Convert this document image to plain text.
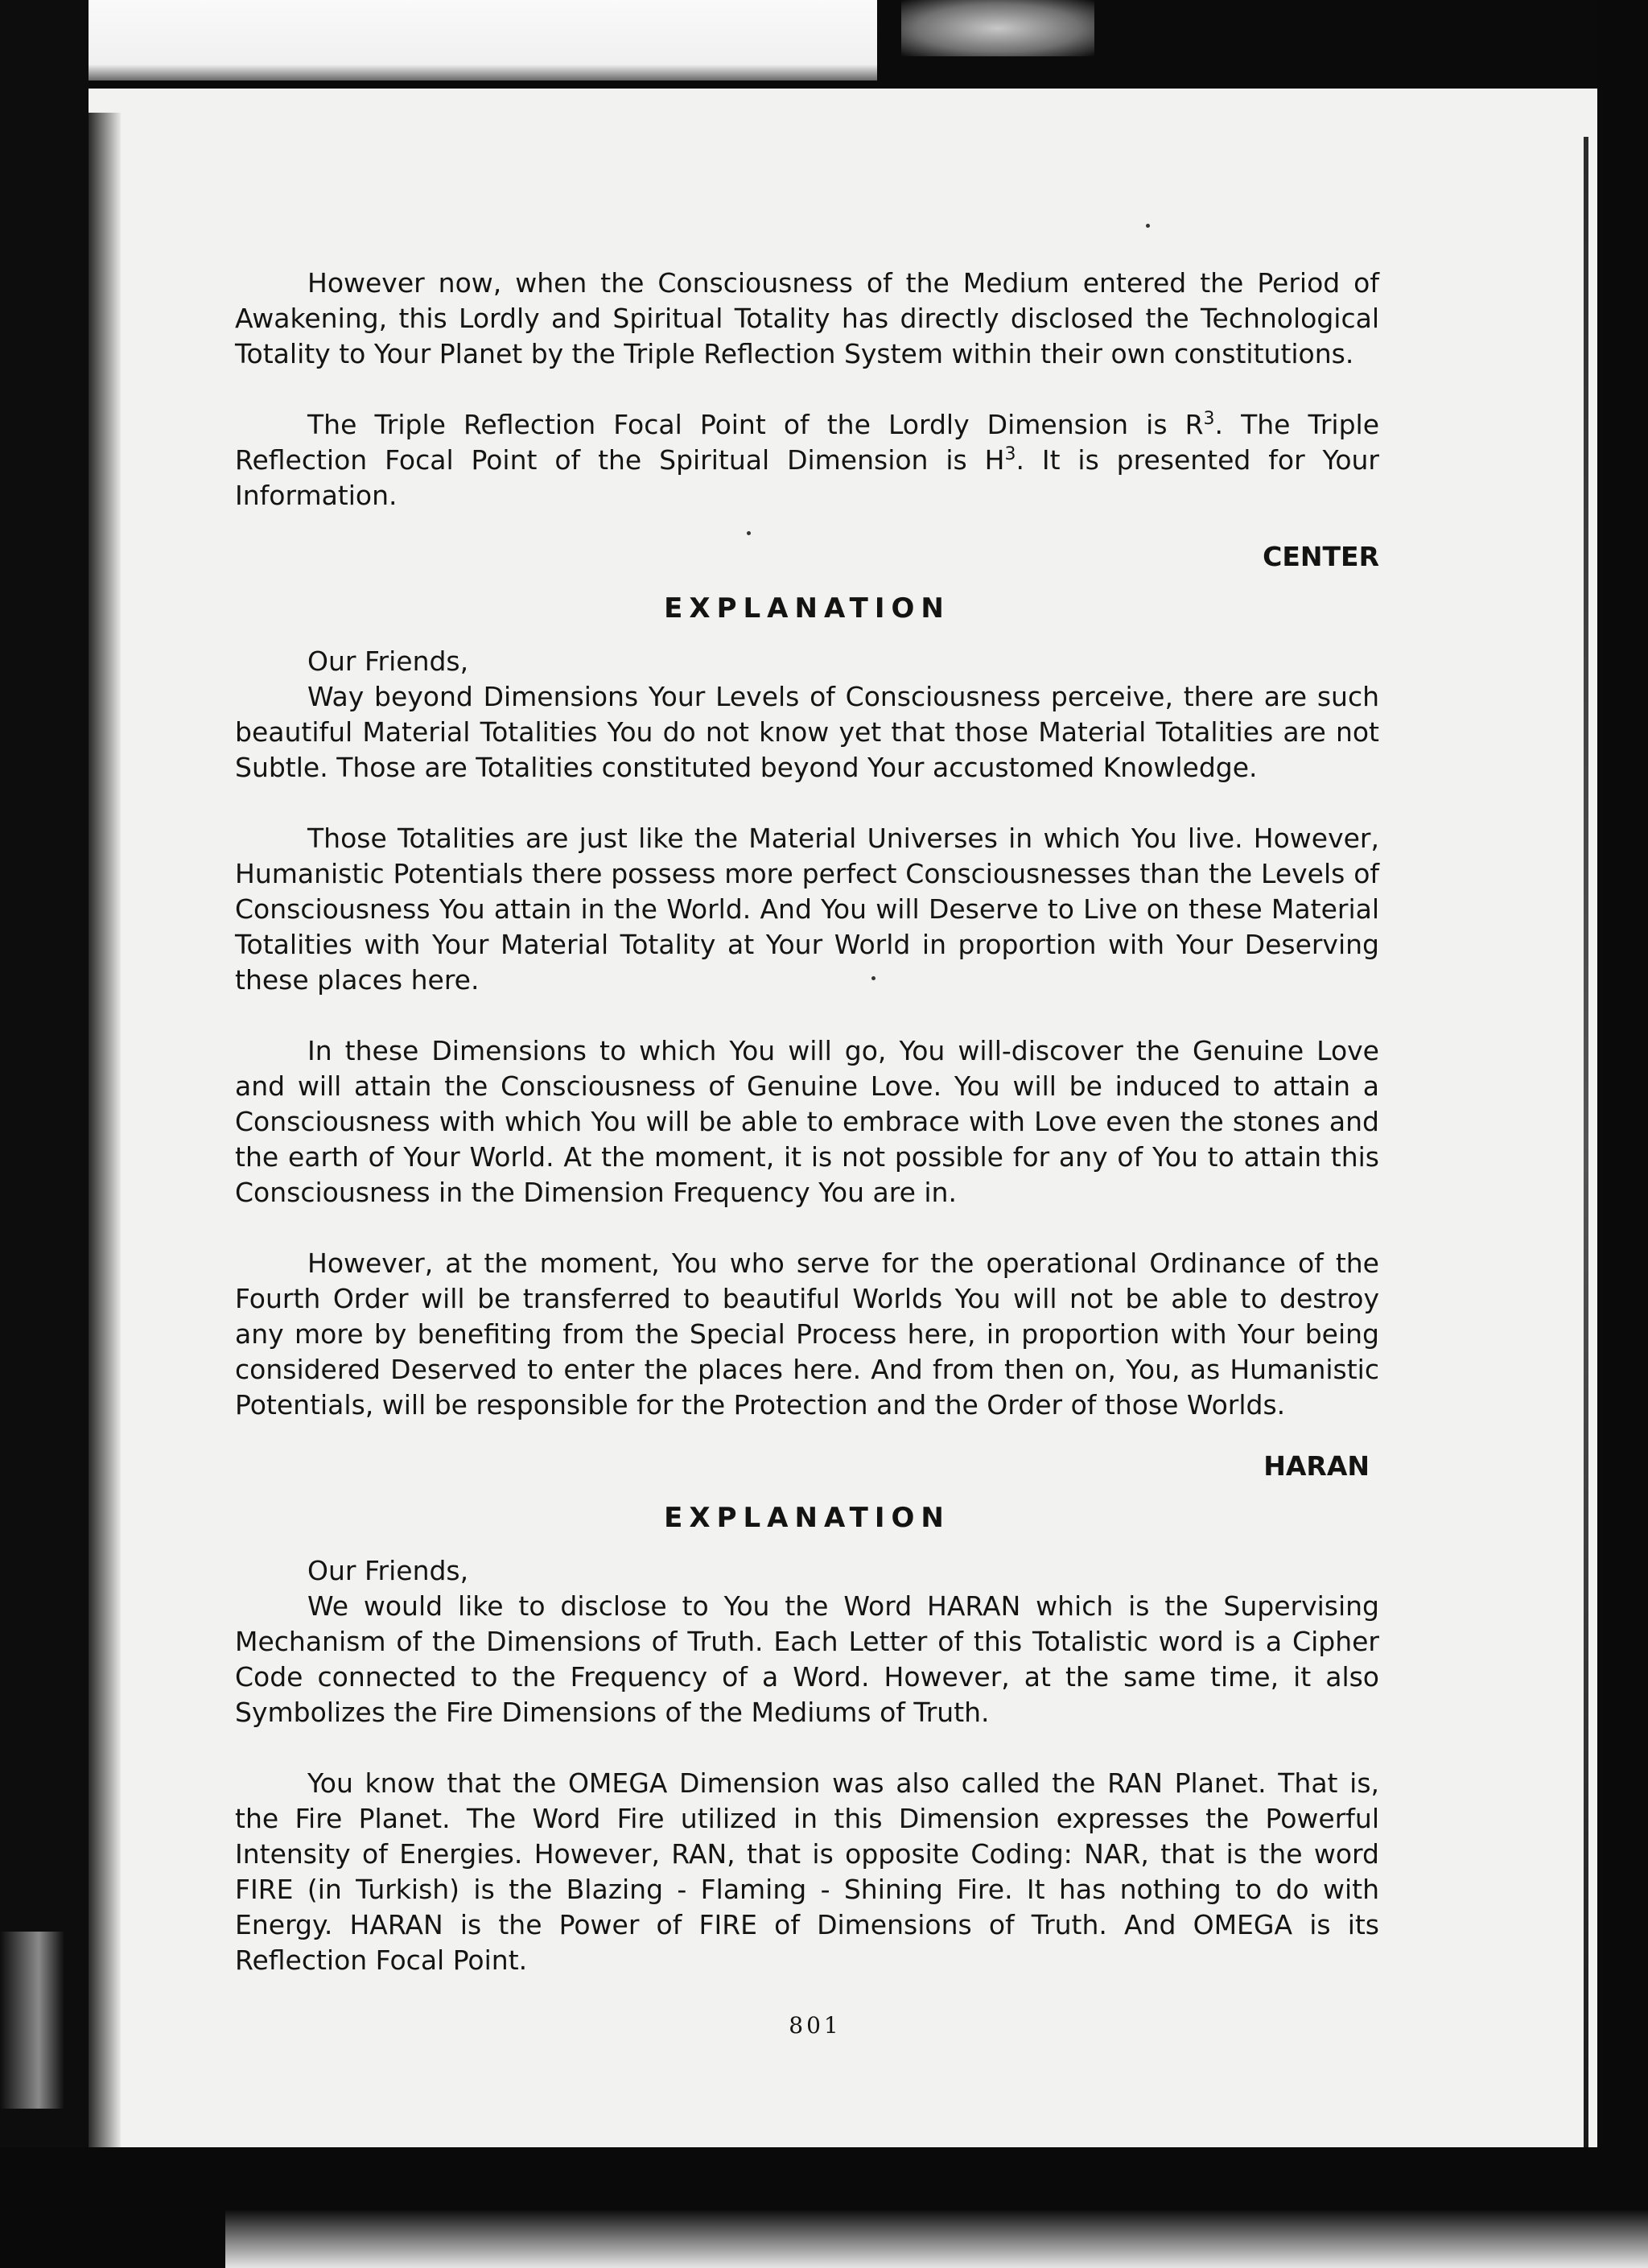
However now, when the Consciousness of the Medium entered the Period of Awakening, this Lordly and Spiritual Totality has directly disclosed the Technological Totality to Your Planet by the Triple Reflection System within their own constitutions.

The Triple Reflection Focal Point of the Lordly Dimension is $R^3$. The Triple Reflection Focal Point of the Spiritual Dimension is $H^3$. It is presented for Your Information.

CENTER

EXPLANATION

Our Friends,

Way beyond Dimensions Your Levels of Consciousness perceive, there are such beautiful Material Totalities You do not know yet that those Material Totalities are not Subtle. Those are Totalities constituted beyond Your accustomed Knowledge.

Those Totalities are just like the Material Universes in which You live. However, Humanistic Potentials there possess more perfect Consciousnesses than the Levels of Consciousness You attain in the World. And You will Deserve to Live on these Material Totalities with Your Material Totality at Your World in proportion with Your Deserving these places here.

In these Dimensions to which You will go, You will-discover the Genuine Love and will attain the Consciousness of Genuine Love. You will be induced to attain a Consciousness with which You will be able to embrace with Love even the stones and the earth of Your World. At the moment, it is not possible for any of You to attain this Consciousness in the Dimension Frequency You are in.

However, at the moment, You who serve for the operational Ordinance of the Fourth Order will be transferred to beautiful Worlds You will not be able to destroy any more by benefiting from the Special Process here, in proportion with Your being considered Deserved to enter the places here. And from then on, You, as Humanistic Potentials, will be responsible for the Protection and the Order of those Worlds.

HARAN

EXPLANATION

Our Friends,

We would like to disclose to You the Word HARAN which is the Supervising Mechanism of the Dimensions of Truth. Each Letter of this Totalistic word is a Cipher Code connected to the Frequency of a Word. However, at the same time, it also Symbolizes the Fire Dimensions of the Mediums of Truth.

You know that the OMEGA Dimension was also called the RAN Planet. That is, the Fire Planet. The Word Fire utilized in this Dimension expresses the Powerful Intensity of Energies. However, RAN, that is opposite Coding: NAR, that is the word FIRE (in Turkish) is the Blazing - Flaming - Shining Fire. It has nothing to do with Energy. HARAN is the Power of FIRE of Dimensions of Truth. And OMEGA is its Reflection Focal Point.

801
